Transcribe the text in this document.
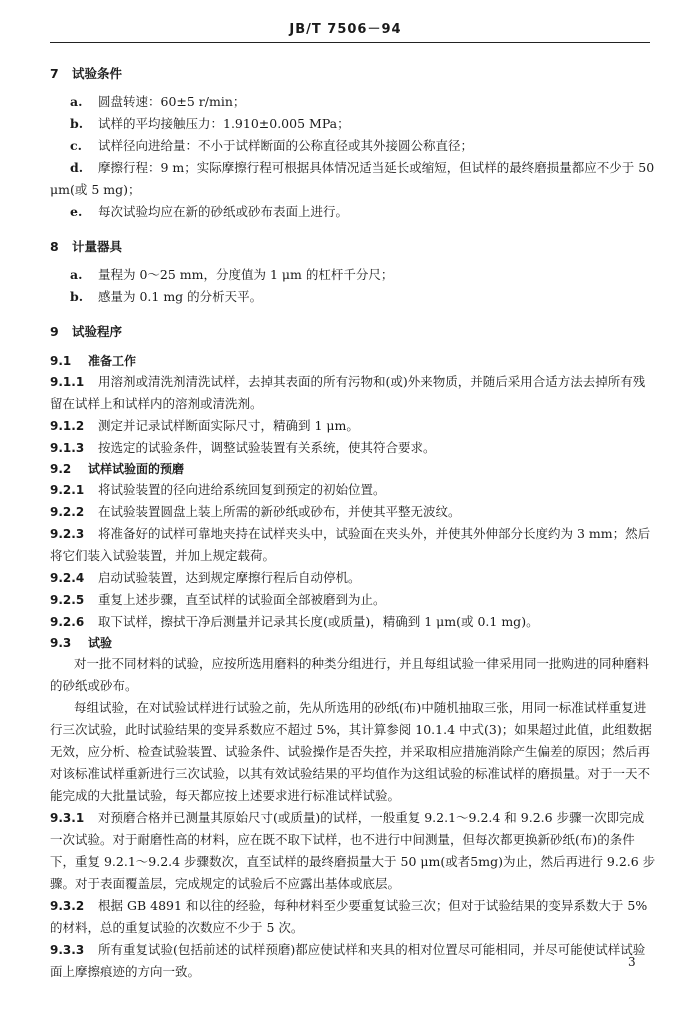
JB/T 7506－94
7 试验条件

a. 圆盘转速：60±5 r/min；

b. 试样的平均接触压力：1.910±0.005 MPa；

c. 试样径向进给量：不小于试样断面的公称直径或其外接圆公称直径；

d. 摩擦行程：9 m；实际摩擦行程可根据具体情况适当延长或缩短，但试样的最终磨损量都应不少于 50 μm(或 5 mg)；

e. 每次试验均应在新的砂纸或砂布表面上进行。

8 计量器具

a. 量程为 0～25 mm，分度值为 1 μm 的杠杆千分尺；

b. 感量为 0.1 mg 的分析天平。

9 试验程序
9.1 准备工作

9.1.1 用溶剂或清洗剂清洗试样，去掉其表面的所有污物和(或)外来物质，并随后采用合适方法去掉所有残留在试样上和试样内的溶剂或清洗剂。

9.1.2 测定并记录试样断面实际尺寸，精确到 1 μm。

9.1.3 按选定的试验条件，调整试验装置有关系统，使其符合要求。

9.2 试样试验面的预磨

9.2.1 将试验装置的径向进给系统回复到预定的初始位置。

9.2.2 在试验装置圆盘上装上所需的新砂纸或砂布，并使其平整无波纹。

9.2.3 将准备好的试样可靠地夹持在试样夹头中，试验面在夹头外，并使其外伸部分长度约为 3 mm；然后将它们装入试验装置，并加上规定载荷。

9.2.4 启动试验装置，达到规定摩擦行程后自动停机。

9.2.5 重复上述步骤，直至试样的试验面全部被磨到为止。

9.2.6 取下试样，擦拭干净后测量并记录其长度(或质量)，精确到 1 μm(或 0.1 mg)。

9.3 试验

对一批不同材料的试验，应按所选用磨料的种类分组进行，并且每组试验一律采用同一批购进的同种磨料的砂纸或砂布。

每组试验，在对试验试样进行试验之前，先从所选用的砂纸(布)中随机抽取三张，用同一标准试样重复进行三次试验，此时试验结果的变异系数应不超过 5%，其计算参阅 10.1.4 中式(3)；如果超过此值，此组数据无效，应分析、检查试验装置、试验条件、试验操作是否失控，并采取相应措施消除产生偏差的原因；然后再对该标准试样重新进行三次试验，以其有效试验结果的平均值作为这组试验的标准试样的磨损量。对于一天不能完成的大批量试验，每天都应按上述要求进行标准试样试验。

9.3.1 对预磨合格并已测量其原始尺寸(或质量)的试样，一般重复 9.2.1～9.2.4 和 9.2.6 步骤一次即完成一次试验。对于耐磨性高的材料，应在既不取下试样，也不进行中间测量，但每次都更换新砂纸(布)的条件下，重复 9.2.1～9.2.4 步骤数次，直至试样的最终磨损量大于 50 μm(或者5mg)为止，然后再进行 9.2.6 步骤。对于表面覆盖层，完成规定的试验后不应露出基体或底层。

9.3.2 根据 GB 4891 和以往的经验，每种材料至少要重复试验三次；但对于试验结果的变异系数大于 5% 的材料，总的重复试验的次数应不少于 5 次。

9.3.3 所有重复试验(包括前述的试样预磨)都应使试样和夹具的相对位置尽可能相同，并尽可能使试样试验面上摩擦痕迹的方向一致。

3
